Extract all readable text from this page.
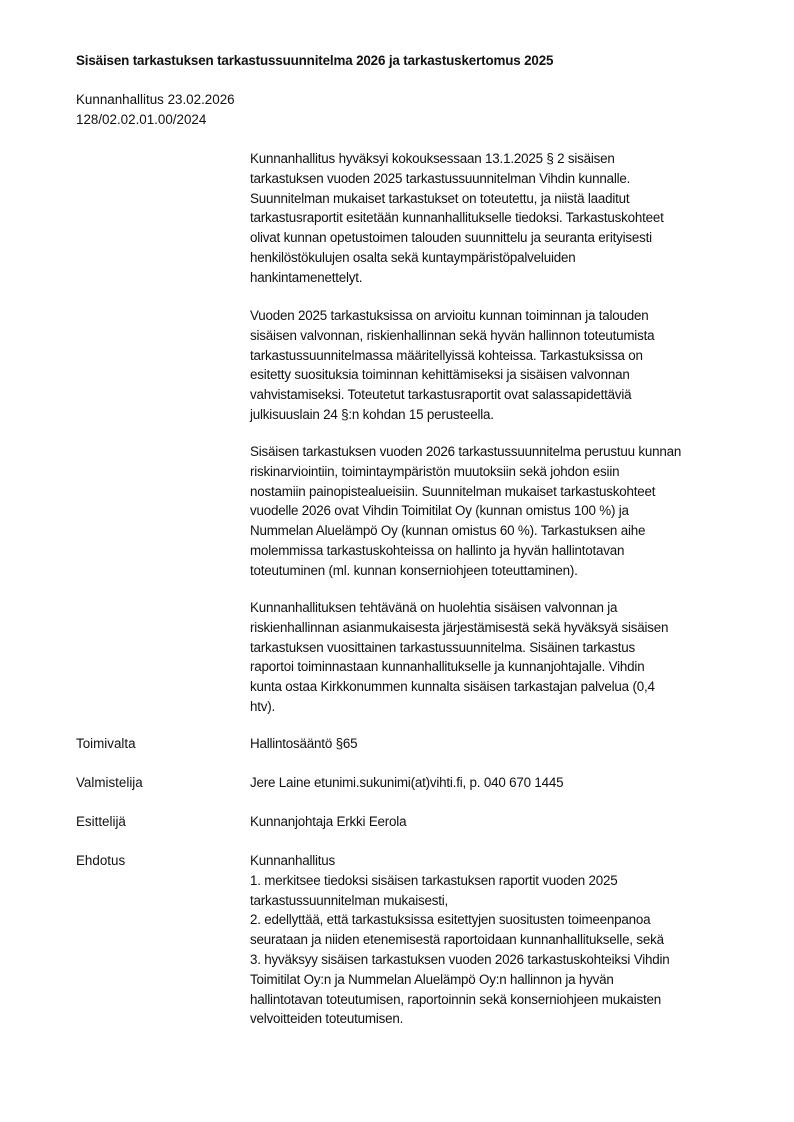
Sisäisen tarkastuksen tarkastussuunnitelma 2026 ja tarkastuskertomus 2025
Kunnanhallitus 23.02.2026
128/02.02.01.00/2024

Kunnanhallitus hyväksyi kokouksessaan 13.1.2025 § 2 sisäisen

tarkastuksen vuoden 2025 tarkastussuunnitelman Vihdin kunnalle.

Suunnitelman mukaiset tarkastukset on toteutettu, ja niistä laaditut

tarkastusraportit esitetään kunnanhallitukselle tiedoksi. Tarkastuskohteet

olivat kunnan opetustoimen talouden suunnittelu ja seuranta erityisesti

henkilöstökulujen osalta sekä kuntaympäristöpalveluiden

hankintamenettelyt.

Vuoden 2025 tarkastuksissa on arvioitu kunnan toiminnan ja talouden

sisäisen valvonnan, riskienhallinnan sekä hyvän hallinnon toteutumista

tarkastussuunnitelmassa määritellyissä kohteissa. Tarkastuksissa on

esitetty suosituksia toiminnan kehittämiseksi ja sisäisen valvonnan

vahvistamiseksi. Toteutetut tarkastusraportit ovat salassapidettäviä

julkisuuslain 24 §:n kohdan 15 perusteella.

Sisäisen tarkastuksen vuoden 2026 tarkastussuunnitelma perustuu kunnan

riskinarviointiin, toimintaympäristön muutoksiin sekä johdon esiin

nostamiin painopistealueisiin. Suunnitelman mukaiset tarkastuskohteet

vuodelle 2026 ovat Vihdin Toimitilat Oy (kunnan omistus 100 %) ja

Nummelan Aluelämpö Oy (kunnan omistus 60 %). Tarkastuksen aihe

molemmissa tarkastuskohteissa on hallinto ja hyvän hallintotavan

toteutuminen (ml. kunnan konserniohjeen toteuttaminen).

Kunnanhallituksen tehtävänä on huolehtia sisäisen valvonnan ja

riskienhallinnan asianmukaisesta järjestämisestä sekä hyväksyä sisäisen

tarkastuksen vuosittainen tarkastussuunnitelma. Sisäinen tarkastus

raportoi toiminnastaan kunnanhallitukselle ja kunnanjohtajalle. Vihdin

kunta ostaa Kirkkonummen kunnalta sisäisen tarkastajan palvelua (0,4

htv).

Toimivalta	Hallintosääntö §65
Valmistelija	Jere Laine etunimi.sukunimi(at)vihti.fi, p. 040 670 1445
Esittelijä	Kunnanjohtaja Erkki Eerola
Ehdotus	Kunnanhallitus

1. merkitsee tiedoksi sisäisen tarkastuksen raportit vuoden 2025

tarkastussuunnitelman mukaisesti,

2. edellyttää, että tarkastuksissa esitettyjen suositusten toimeenpanoa

seurataan ja niiden etenemisestä raportoidaan kunnanhallitukselle, sekä

3. hyväksyy sisäisen tarkastuksen vuoden 2026 tarkastuskohteiksi Vihdin

Toimitilat Oy:n ja Nummelan Aluelämpö Oy:n hallinnon ja hyvän

hallintotavan toteutumisen, raportoinnin sekä konserniohjeen mukaisten

velvoitteiden toteutumisen.
